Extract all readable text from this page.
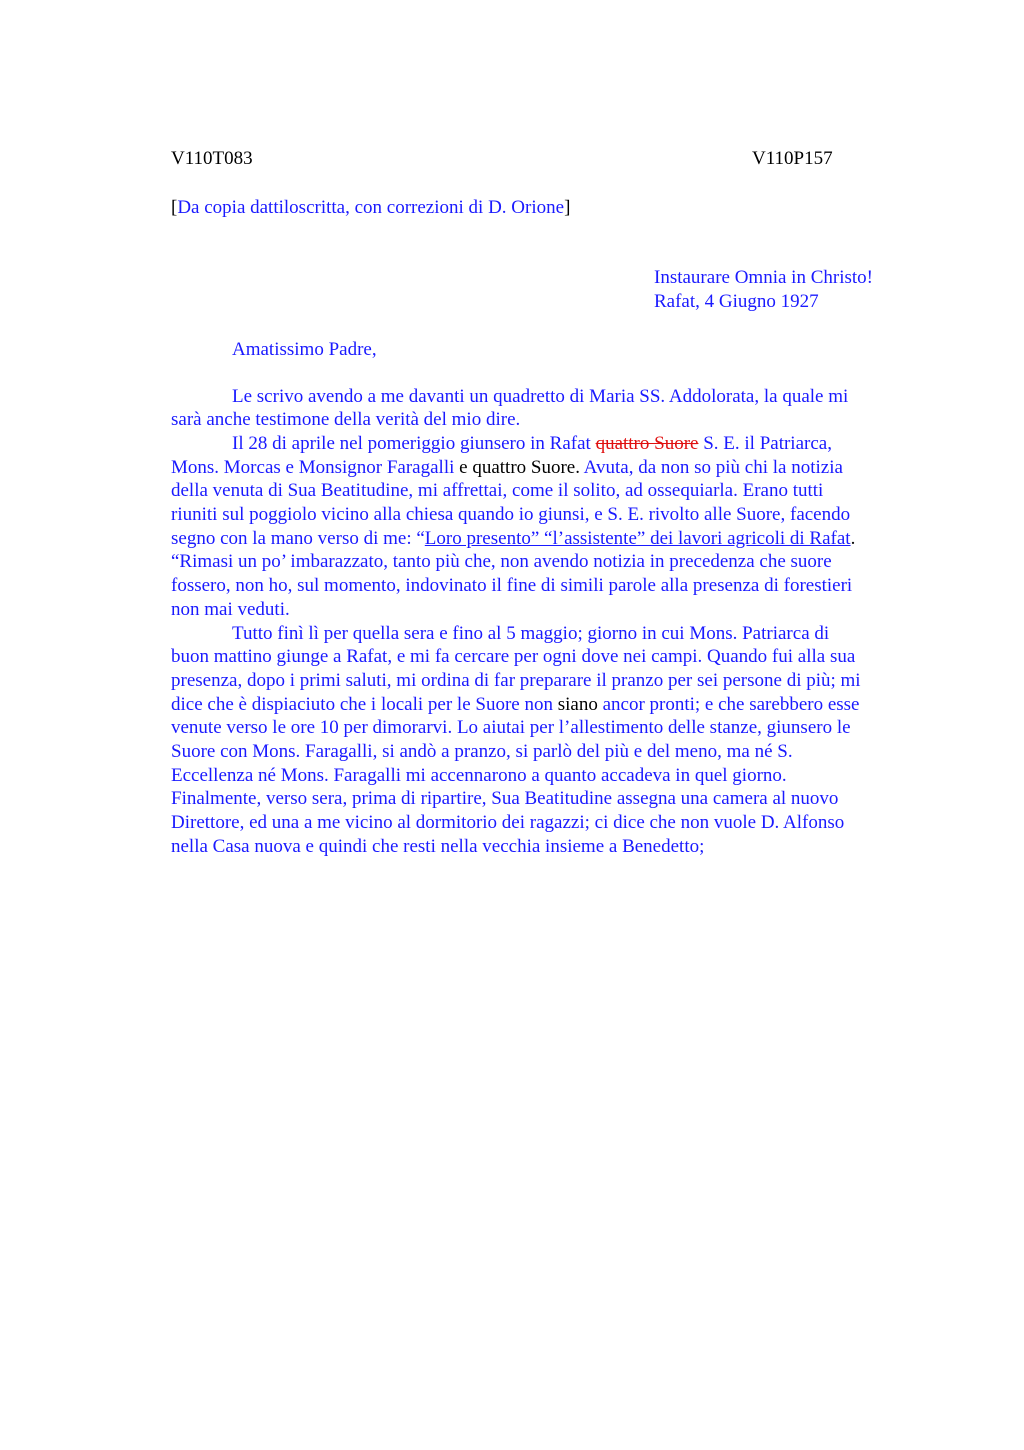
V110T083	V110P157
[Da copia dattiloscritta, con correzioni di D. Orione]
Instaurare Omnia in Christo!
Rafat, 4 Giugno 1927
Amatissimo Padre,
Le scrivo avendo a me davanti un quadretto di Maria SS. Addolorata, la quale mi
sarà anche testimone della verità del mio dire.
Il 28 di aprile nel pomeriggio giunsero in Rafat quattro Suore S. E. il Patriarca,
Mons. Morcas e Monsignor Faragalli e quattro Suore. Avuta, da non so più chi la notizia
della venuta di Sua Beatitudine, mi affrettai, come il solito, ad ossequiarla. Erano tutti
riuniti sul poggiolo vicino alla chiesa quando io giunsi, e S. E. rivolto alle Suore, facendo
segno con la mano verso di me: “Loro presento” “l’assistente” dei lavori agricoli di Rafat.
“Rimasi un po’ imbarazzato, tanto più che, non avendo notizia in precedenza che suore
fossero, non ho, sul momento, indovinato il fine di simili parole alla presenza di forestieri
non mai veduti.
Tutto finì lì per quella sera e fino al 5 maggio; giorno in cui Mons. Patriarca di
buon mattino giunge a Rafat, e mi fa cercare per ogni dove nei campi. Quando fui alla sua
presenza, dopo i primi saluti, mi ordina di far preparare il pranzo per sei persone di più; mi
dice che è dispiaciuto che i locali per le Suore non siano ancor pronti; e che sarebbero esse
venute verso le ore 10 per dimorarvi. Lo aiutai per l’allestimento delle stanze, giunsero le
Suore con Mons. Faragalli, si andò a pranzo, si parlò del più e del meno, ma né S.
Eccellenza né Mons. Faragalli mi accennarono a quanto accadeva in quel giorno.
Finalmente, verso sera, prima di ripartire, Sua Beatitudine assegna una camera al nuovo
Direttore, ed una a me vicino al dormitorio dei ragazzi; ci dice che non vuole D. Alfonso
nella Casa nuova e quindi che resti nella vecchia insieme a Benedetto;
